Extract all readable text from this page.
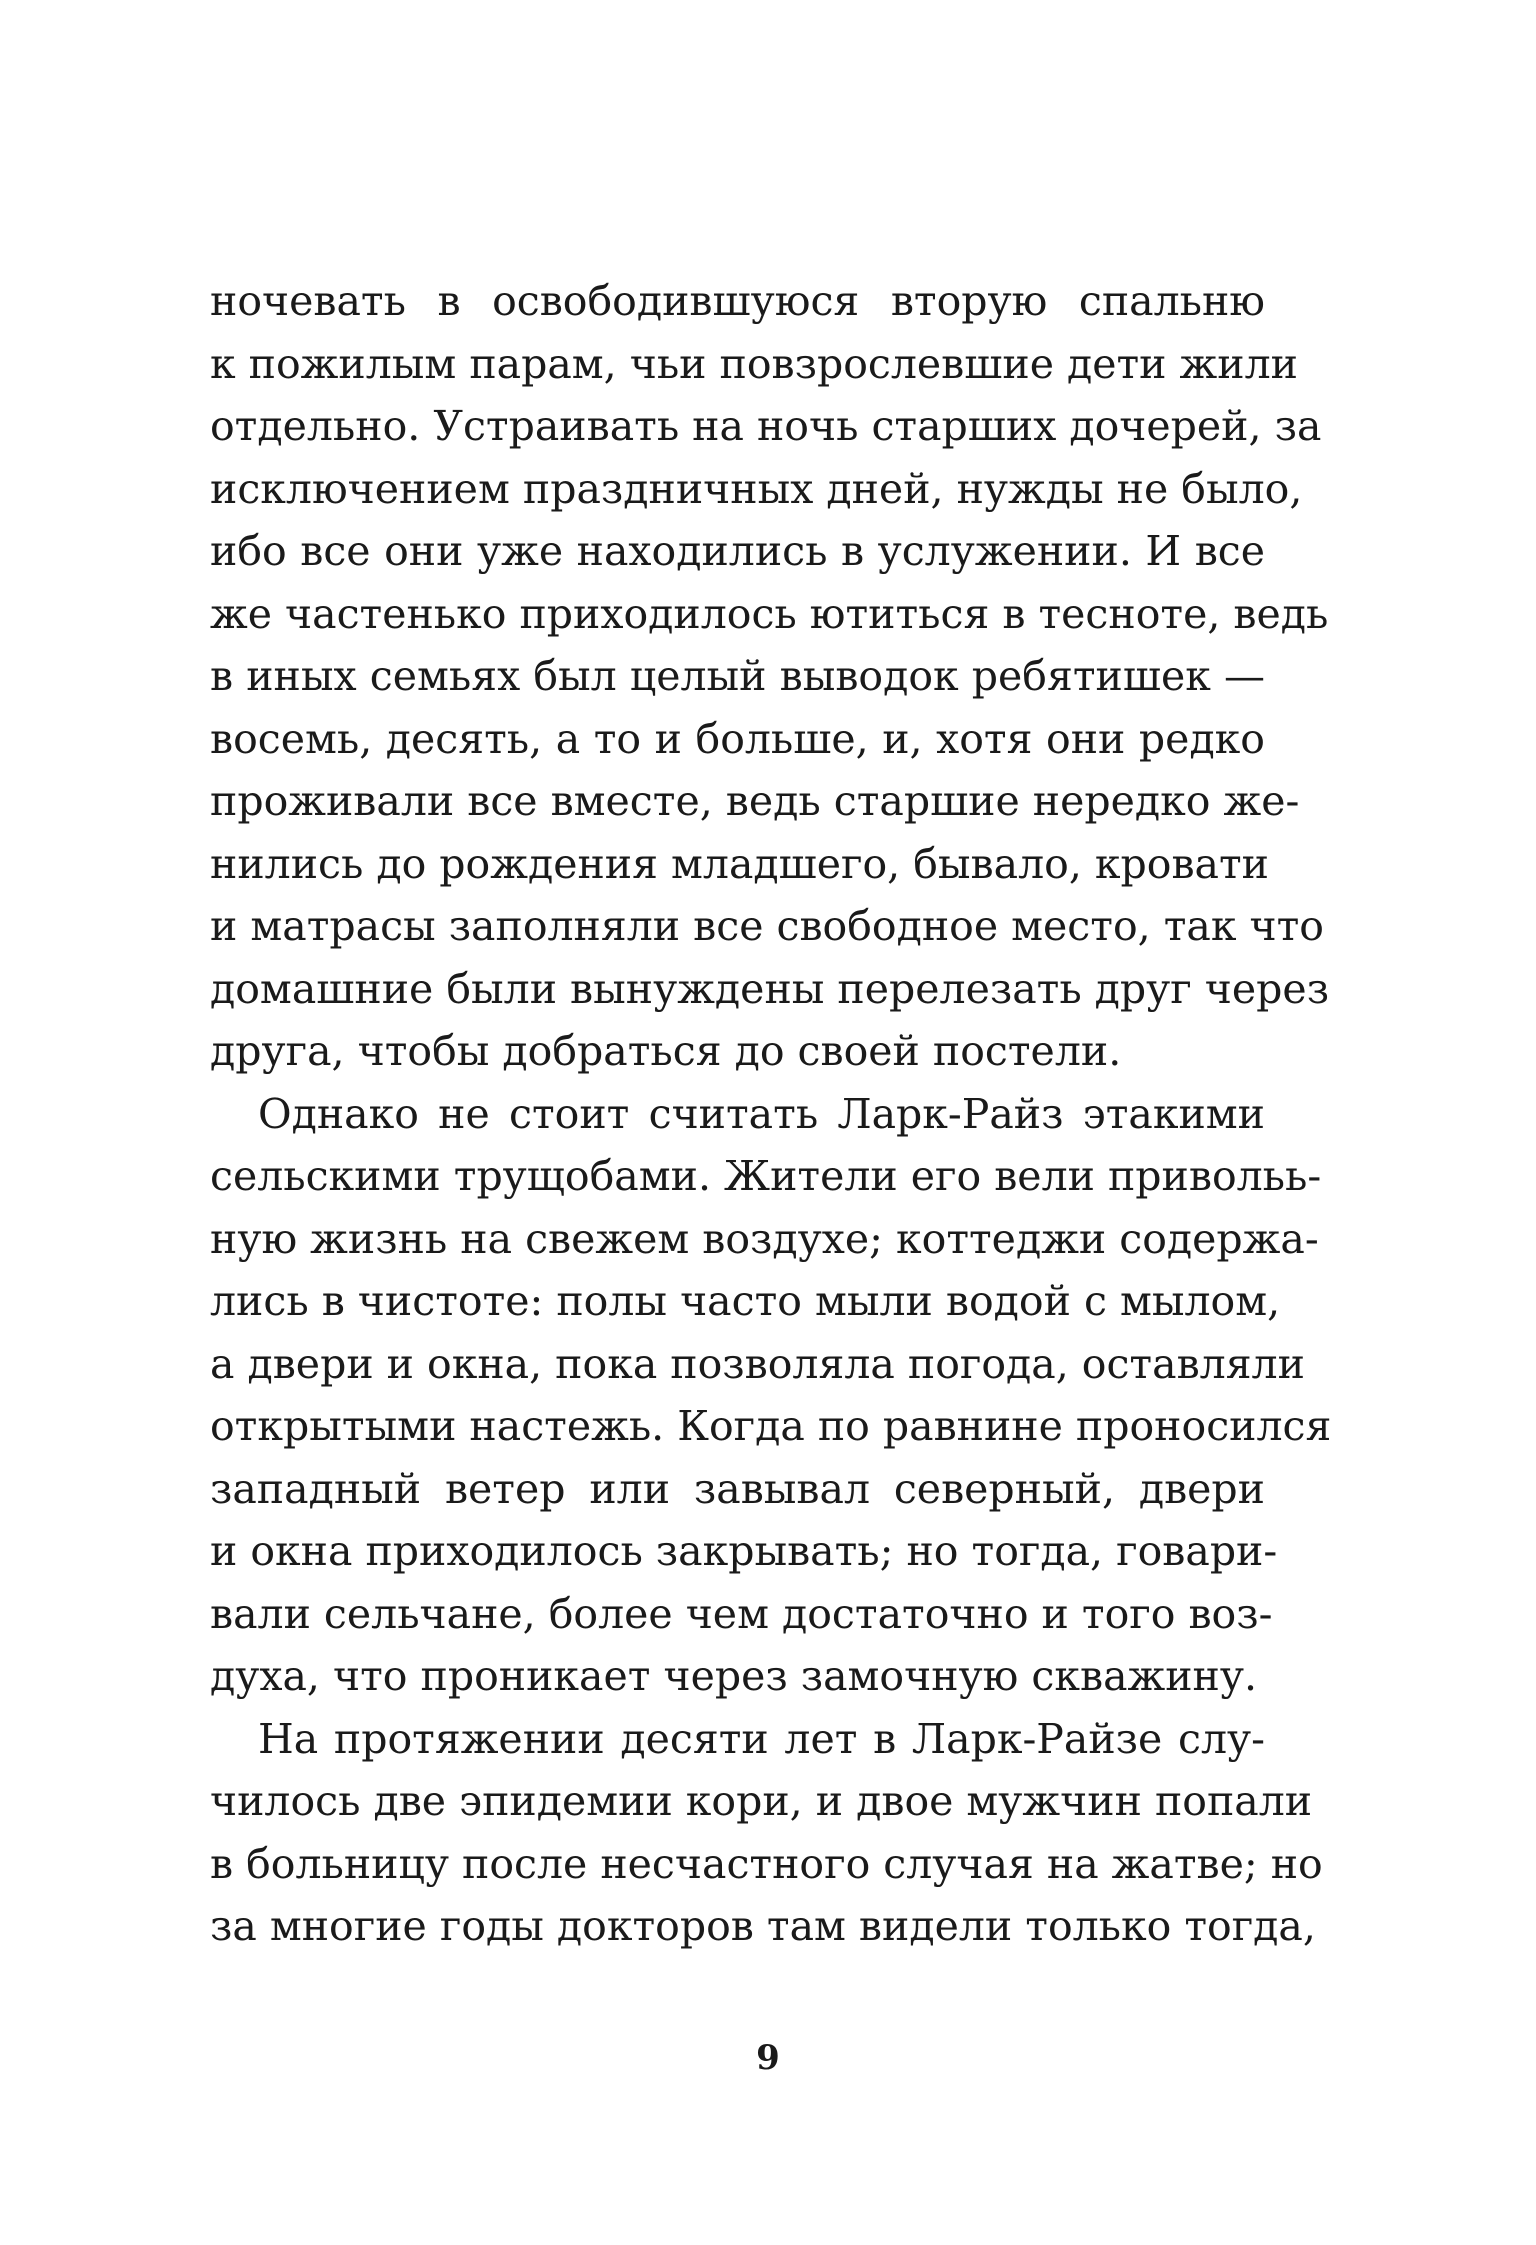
ночевать в освободившуюся вторую спальню
к пожилым парам, чьи повзрослевшие дети жили
отдельно. Устраивать на ночь старших дочерей, за
исключением праздничных дней, нужды не было,
ибо все они уже находились в услужении. И все
же частенько приходилось ютиться в тесноте, ведь
в иных семьях был целый выводок ребятишек —
восемь, десять, а то и больше, и, хотя они редко
проживали все вместе, ведь старшие нередко же-
нились до рождения младшего, бывало, кровати
и матрасы заполняли все свободное место, так что
домашние были вынуждены перелезать друг через
друга, чтобы добраться до своей постели.
Однако не стоит считать Ларк-Райз этакими
сельскими трущобами. Жители его вели привольь-
ную жизнь на свежем воздухе; коттеджи содержа-
лись в чистоте: полы часто мыли водой с мылом,
а двери и окна, пока позволяла погода, оставляли
открытыми настежь. Когда по равнине проносился
западный ветер или завывал северный, двери
и окна приходилось закрывать; но тогда, говари-
вали сельчане, более чем достаточно и того воз-
духа, что проникает через замочную скважину.
На протяжении десяти лет в Ларк-Райзе слу-
чилось две эпидемии кори, и двое мужчин попали
в больницу после несчастного случая на жатве; но
за многие годы докторов там видели только тогда,
9
